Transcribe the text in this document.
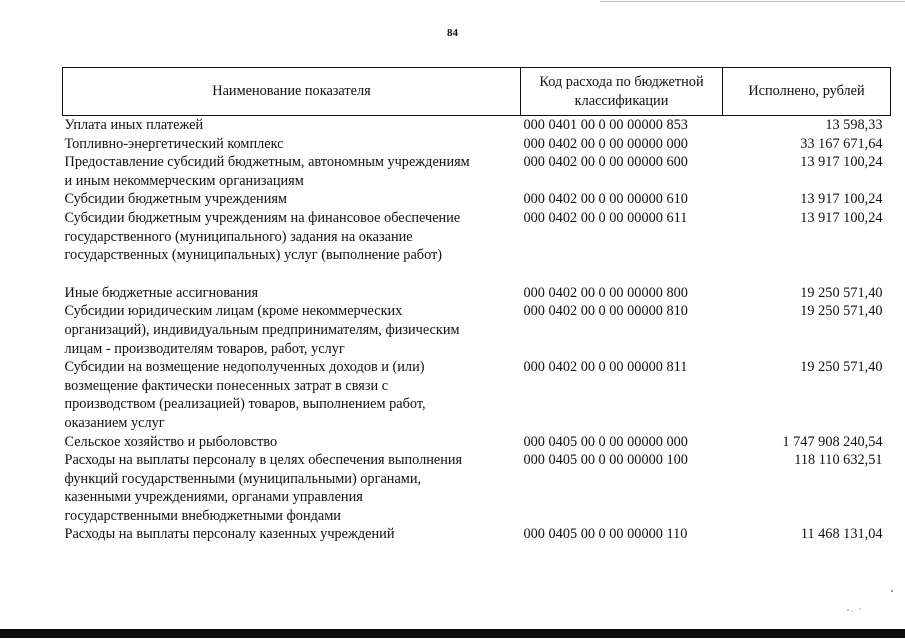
84
Наименование показателя	Код расхода по бюджетной классификации	Исполнено, рублей

Уплата иных платежей	000 0401 00 0 00 00000 853	13 598,33

Топливно-энергетический комплекс	000 0402 00 0 00 00000 000	33 167 671,64

Предоставление субсидий бюджетным, автономным учреждениям
и иным некоммерческим организациям	000 0402 00 0 00 00000 600	13 917 100,24

Субсидии бюджетным учреждениям	000 0402 00 0 00 00000 610	13 917 100,24

Субсидии бюджетным учреждениям на финансовое обеспечение
государственного (муниципального) задания на оказание
государственных (муниципальных) услуг (выполнение работ)	000 0402 00 0 00 00000 611	13 917 100,24

Иные бюджетные ассигнования	000 0402 00 0 00 00000 800	19 250 571,40

Субсидии юридическим лицам (кроме некоммерческих
организаций), индивидуальным предпринимателям, физическим
лицам - производителям товаров, работ, услуг	000 0402 00 0 00 00000 810	19 250 571,40

Субсидии на возмещение недополученных доходов и (или)
возмещение фактически понесенных затрат в связи с
производством (реализацией) товаров, выполнением работ,
оказанием услуг	000 0402 00 0 00 00000 811	19 250 571,40

Сельское хозяйство и рыболовство	000 0405 00 0 00 00000 000	1 747 908 240,54

Расходы на выплаты персоналу в целях обеспечения выполнения
функций государственными (муниципальными) органами,
казенными учреждениями, органами управления
государственными внебюджетными фондами	000 0405 00 0 00 00000 100	118 110 632,51

Расходы на выплаты персоналу казенных учреждений	000 0405 00 0 00 00000 110	11 468 131,04
